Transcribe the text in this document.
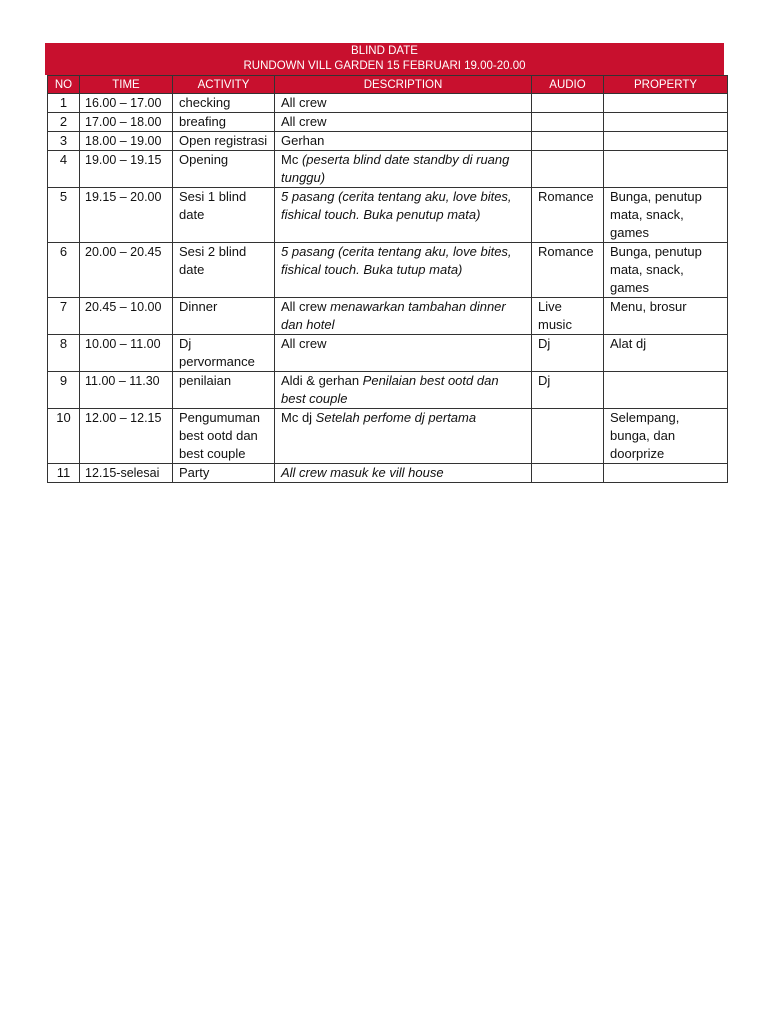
BLIND DATE
RUNDOWN VILL GARDEN 15 FEBRUARI 19.00-20.00
NO	TIME	ACTIVITY	DESCRIPTION	AUDIO	PROPERTY
1	16.00 – 17.00	checking	All crew		
2	17.00 – 18.00	breafing	All crew		
3	18.00 – 19.00	Open registrasi	Gerhan		
4	19.00 – 19.15	Opening	Mc (peserta blind date standby di ruang tunggu)		
5	19.15 – 20.00	Sesi 1 blind date	5 pasang (cerita tentang aku, love bites, fishical touch. Buka penutup mata)	Romance	Bunga, penutup mata, snack, games
6	20.00 – 20.45	Sesi 2 blind date	5 pasang (cerita tentang aku, love bites, fishical touch. Buka tutup mata)	Romance	Bunga, penutup mata, snack, games
7	20.45 – 10.00	Dinner	All crew menawarkan tambahan dinner dan hotel	Live music	Menu, brosur
8	10.00 – 11.00	Dj pervormance	All crew	Dj	Alat dj
9	11.00 – 11.30	penilaian	Aldi & gerhan Penilaian best ootd dan best couple	Dj	
10	12.00 – 12.15	Pengumuman best ootd dan best couple	Mc dj Setelah perfome dj pertama		Selempang, bunga, dan doorprize
11	12.15-selesai	Party	All crew masuk ke vill house		
